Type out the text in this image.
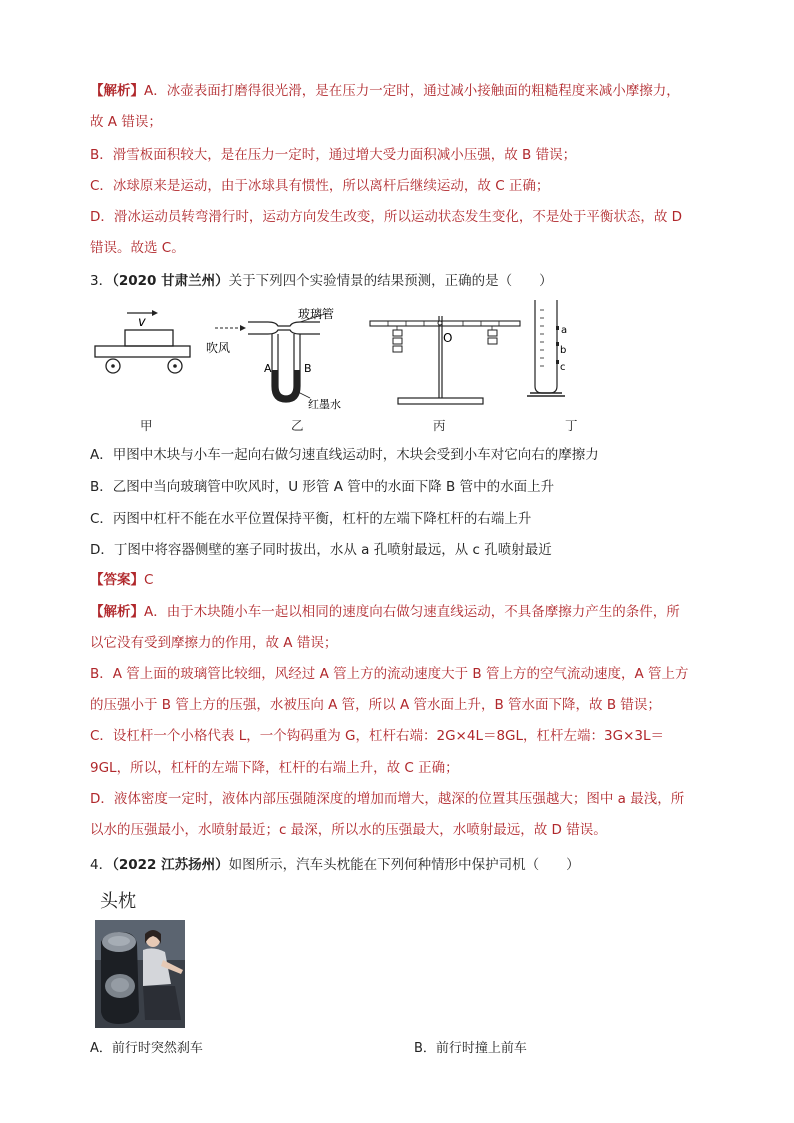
【解析】A．冰壶表面打磨得很光滑，是在压力一定时，通过减小接触面的粗糙程度来减小摩擦力，
故 A 错误；
B．滑雪板面积较大，是在压力一定时，通过增大受力面积减小压强，故 B 错误；
C．冰球原来是运动，由于冰球具有惯性，所以离杆后继续运动，故 C 正确；
D．滑冰运动员转弯滑行时，运动方向发生改变，所以运动状态发生变化，不是处于平衡状态，故 D
错误。故选 C。
3．（2020 甘肃兰州）关于下列四个实验情景的结果预测，正确的是（　　）
v
吹风
玻璃管
A	B
红墨水
O
a
b
c
甲	乙	丙	丁
A．甲图中木块与小车一起向右做匀速直线运动时，木块会受到小车对它向右的摩擦力
B．乙图中当向玻璃管中吹风时，U 形管 A 管中的水面下降 B 管中的水面上升
C．丙图中杠杆不能在水平位置保持平衡，杠杆的左端下降杠杆的右端上升
D．丁图中将容器侧壁的塞子同时拔出，水从 a 孔喷射最远，从 c 孔喷射最近
【答案】C
【解析】A．由于木块随小车一起以相同的速度向右做匀速直线运动，不具备摩擦力产生的条件，所
以它没有受到摩擦力的作用，故 A 错误；
B．A 管上面的玻璃管比较细，风经过 A 管上方的流动速度大于 B 管上方的空气流动速度，A 管上方
的压强小于 B 管上方的压强，水被压向 A 管，所以 A 管水面上升，B 管水面下降，故 B 错误；
C．设杠杆一个小格代表 L，一个钩码重为 G，杠杆右端：2G×4L＝8GL，杠杆左端：3G×3L＝
9GL，所以，杠杆的左端下降，杠杆的右端上升，故 C 正确；
D．液体密度一定时，液体内部压强随深度的增加而增大，越深的位置其压强越大；图中 a 最浅，所
以水的压强最小，水喷射最近；c 最深，所以水的压强最大，水喷射最远，故 D 错误。
4．（2022 江苏扬州）如图所示，汽车头枕能在下列何种情形中保护司机（　　）
头枕
A．前行时突然刹车	B．前行时撞上前车
